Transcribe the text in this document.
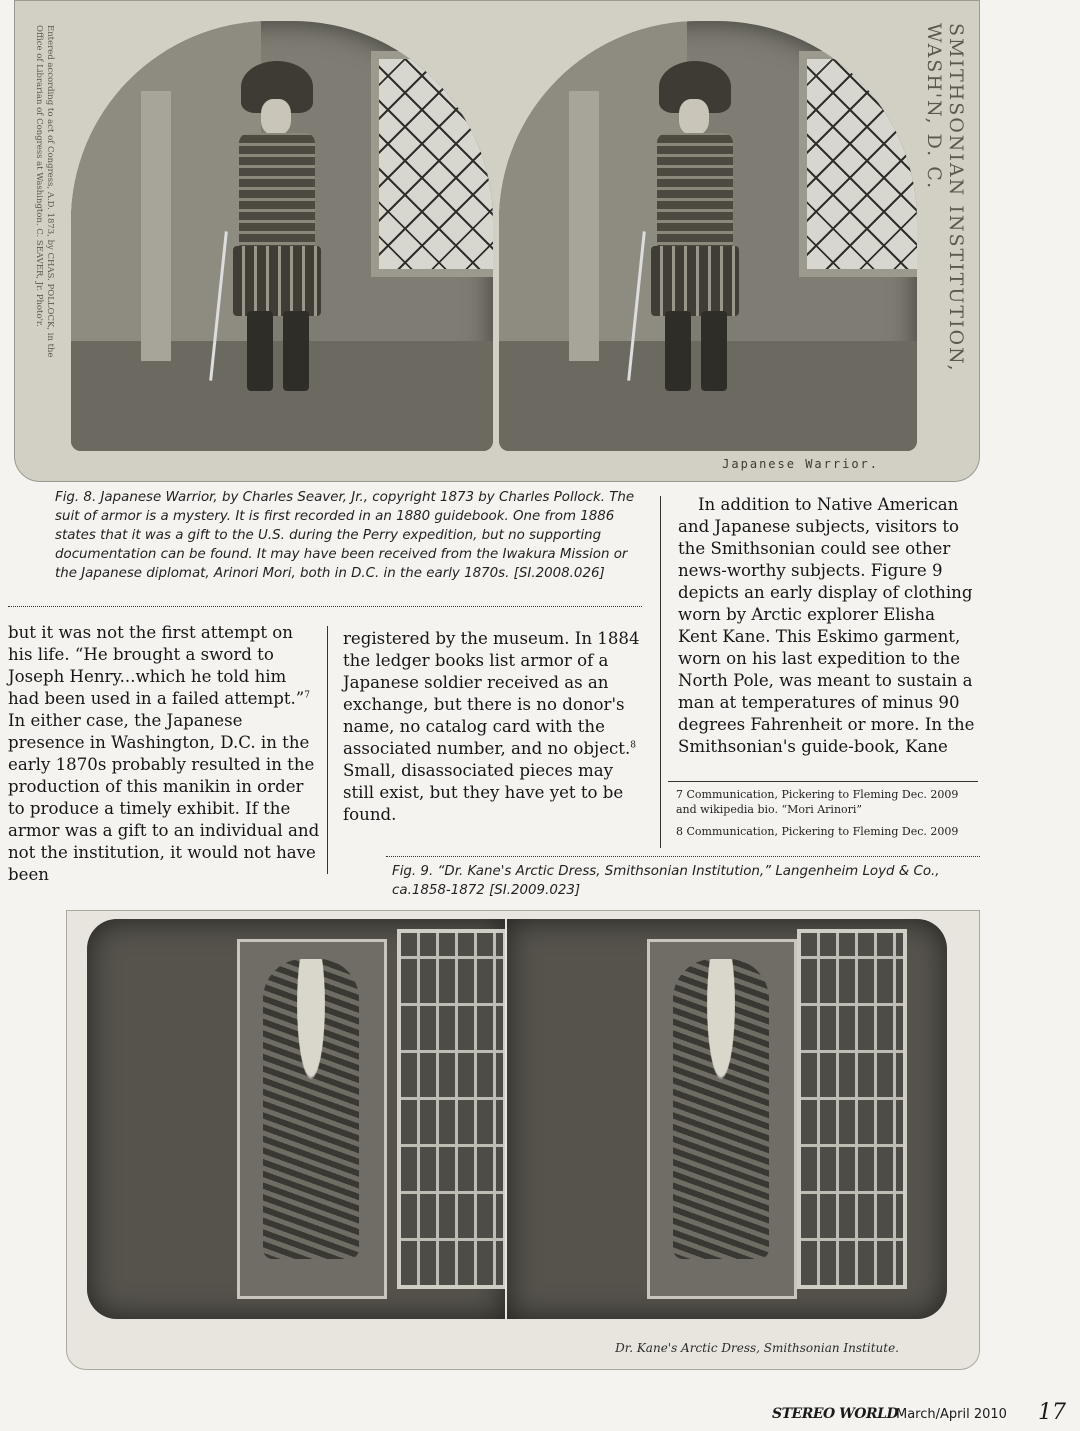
Entered according to act of Congress, A.D. 1873, by CHAS. POLLOCK, in the
Office of Librarian of Congress at Washington. C. SEAVER, Jr. Photo'r.	SMITHSONIAN INSTITUTION, WASH'N, D. C.
Japanese Warrior.
Fig. 8. Japanese Warrior, by Charles Seaver, Jr., copyright 1873 by Charles Pollock. The suit of armor is a mystery. It is first recorded in an 1880 guidebook. One from 1886 states that it was a gift to the U.S. during the Perry expedition, but no supporting documentation can be found. It may have been received from the Iwakura Mission or the Japanese diplomat, Arinori Mori, both in D.C. in the early 1870s. [SI.2008.026]

In addition to Native American and Japanese subjects, visitors to the Smithsonian could see other news-worthy subjects. Figure 9 depicts an early display of clothing worn by Arctic explorer Elisha Kent Kane. This Eskimo garment, worn on his last expedition to the North Pole, was meant to sustain a man at temperatures of minus 90 degrees Fahrenheit or more. In the Smithsonian's guide-book, Kane

but it was not the first attempt on his life. “He brought a sword to Joseph Henry...which he told him had been used in a failed attempt.”$^7$ In either case, the Japanese presence in Washington, D.C. in the early 1870s probably resulted in the production of this manikin in order to produce a timely exhibit. If the armor was a gift to an individual and not the institution, it would not have been

registered by the museum. In 1884 the ledger books list armor of a Japanese soldier received as an exchange, but there is no donor's name, no catalog card with the associated number, and no object.$^8$ Small, disassociated pieces may still exist, but they have yet to be found.

7 Communication, Pickering to Fleming Dec. 2009 and wikipedia bio. “Mori Arinori”
8 Communication, Pickering to Fleming Dec. 2009
Fig. 9. “Dr. Kane's Arctic Dress, Smithsonian Institution,” Langenheim Loyd & Co., ca.1858-1872 [SI.2009.023]
Dr. Kane's Arctic Dress, Smithsonian Institute.
STEREO WORLD
March/April 2010 17
